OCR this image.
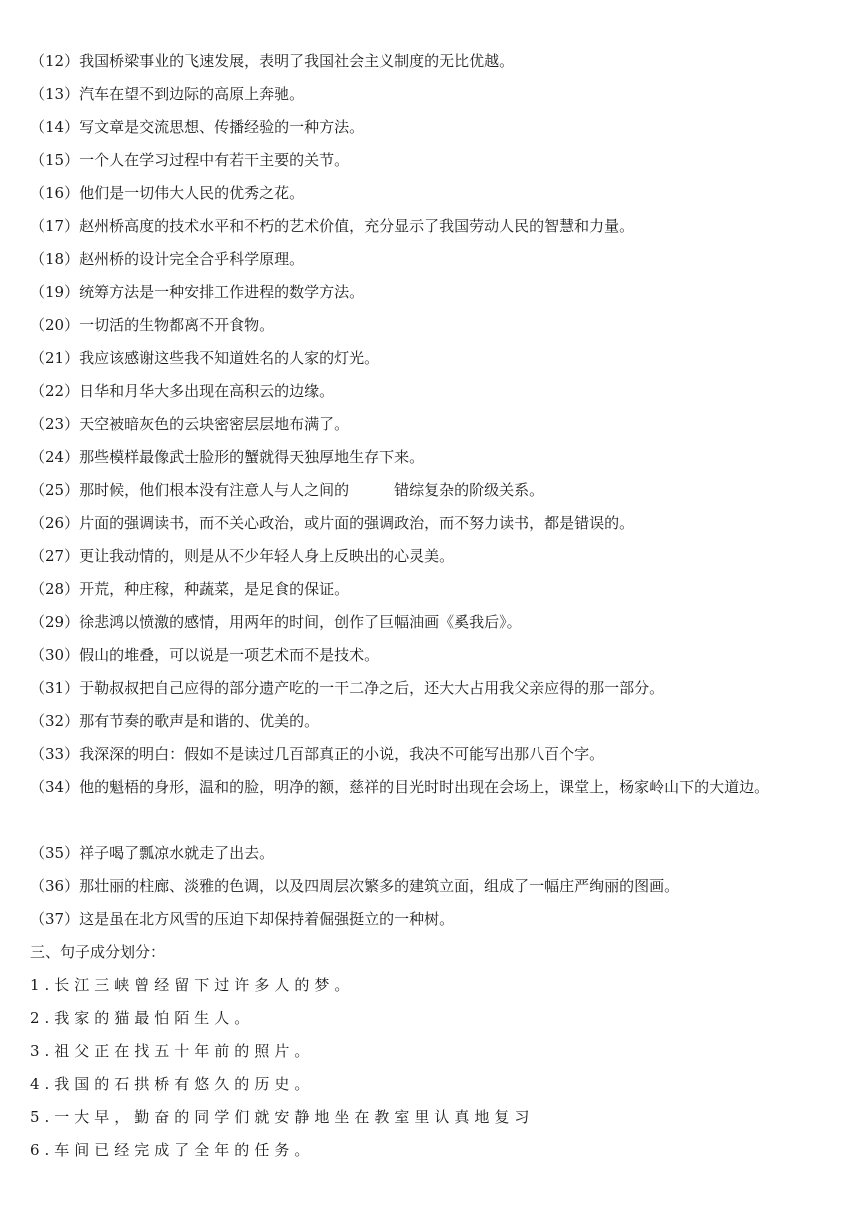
（12）我国桥梁事业的飞速发展，表明了我国社会主义制度的无比优越。
（13）汽车在望不到边际的高原上奔驰。
（14）写文章是交流思想、传播经验的一种方法。
（15）一个人在学习过程中有若干主要的关节。
（16）他们是一切伟大人民的优秀之花。
（17）赵州桥高度的技术水平和不朽的艺术价值，充分显示了我国劳动人民的智慧和力量。
（18）赵州桥的设计完全合乎科学原理。
（19）统筹方法是一种安排工作进程的数学方法。
（20）一切活的生物都离不开食物。
（21）我应该感谢这些我不知道姓名的人家的灯光。
（22）日华和月华大多出现在高积云的边缘。
（23）天空被暗灰色的云块密密层层地布满了。
（24）那些模样最像武士脸形的蟹就得天独厚地生存下来。
（25）那时候，他们根本没有注意人与人之间的　　　错综复杂的阶级关系。
（26）片面的强调读书，而不关心政治，或片面的强调政治，而不努力读书，都是错误的。
（27）更让我动情的，则是从不少年轻人身上反映出的心灵美。
（28）开荒，种庄稼，种蔬菜，是足食的保证。
（29）徐悲鸿以愤激的感情，用两年的时间，创作了巨幅油画《奚我后》。
（30）假山的堆叠，可以说是一项艺术而不是技术。
（31）于勒叔叔把自己应得的部分遗产吃的一干二净之后，还大大占用我父亲应得的那一部分。
（32）那有节奏的歌声是和谐的、优美的。
（33）我深深的明白：假如不是读过几百部真正的小说，我决不可能写出那八百个字。
（34）他的魁梧的身形，温和的脸，明净的额，慈祥的目光时时出现在会场上，课堂上，杨家岭山下的大道边。
（35）祥子喝了瓢凉水就走了出去。
（36）那壮丽的柱廊、淡雅的色调，以及四周层次繁多的建筑立面，组成了一幅庄严绚丽的图画。
（37）这是虽在北方风雪的压迫下却保持着倔强挺立的一种树。
三、句子成分划分：
1.长江三峡曾经留下过许多人的梦。
2.我家的猫最怕陌生人。
3.祖父正在找五十年前的照片。
4.我国的石拱桥有悠久的历史。
5.一大早，勤奋的同学们就安静地坐在教室里认真地复习
6.车间已经完成了全年的任务。
